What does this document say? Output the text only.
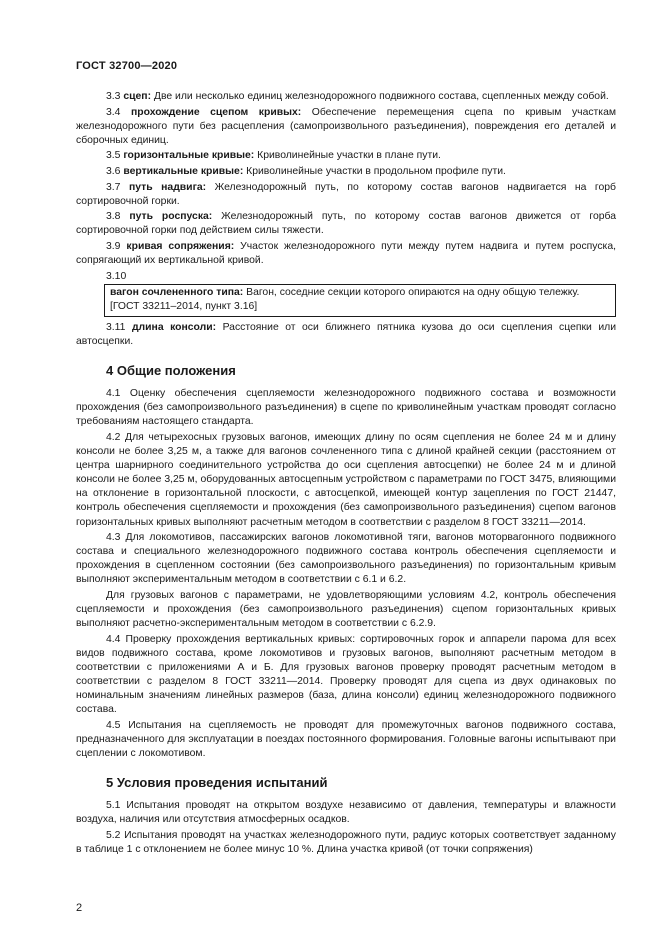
ГОСТ 32700—2020
3.3 сцеп: Две или несколько единиц железнодорожного подвижного состава, сцепленных между собой.
3.4 прохождение сцепом кривых: Обеспечение перемещения сцепа по кривым участкам железнодорожного пути без расцепления (самопроизвольного разъединения), повреждения его деталей и сборочных единиц.
3.5 горизонтальные кривые: Криволинейные участки в плане пути.
3.6 вертикальные кривые: Криволинейные участки в продольном профиле пути.
3.7 путь надвига: Железнодорожный путь, по которому состав вагонов надвигается на горб сортировочной горки.
3.8 путь роспуска: Железнодорожный путь, по которому состав вагонов движется от горба сортировочной горки под действием силы тяжести.
3.9 кривая сопряжения: Участок железнодорожного пути между путем надвига и путем роспуска, сопрягающий их вертикальной кривой.
3.10
вагон сочлененного типа: Вагон, соседние секции которого опираются на одну общую тележку.
[ГОСТ 33211–2014, пункт 3.16]
3.11 длина консоли: Расстояние от оси ближнего пятника кузова до оси сцепления сцепки или автосцепки.
4 Общие положения
4.1 Оценку обеспечения сцепляемости железнодорожного подвижного состава и возможности прохождения (без самопроизвольного разъединения) в сцепе по криволинейным участкам проводят согласно требованиям настоящего стандарта.
4.2 Для четырехосных грузовых вагонов, имеющих длину по осям сцепления не более 24 м и длину консоли не более 3,25 м, а также для вагонов сочлененного типа с длиной крайней секции (расстоянием от центра шарнирного соединительного устройства до оси сцепления автосцепки) не более 24 м и длиной консоли не более 3,25 м, оборудованных автосцепным устройством с параметрами по ГОСТ 3475, влияющими на отклонение в горизонтальной плоскости, с автосцепкой, имеющей контур зацепления по ГОСТ 21447, контроль обеспечения сцепляемости и прохождения (без самопроизвольного разъединения) сцепом вагонов горизонтальных кривых выполняют расчетным методом в соответствии с разделом 8 ГОСТ 33211—2014.
4.3 Для локомотивов, пассажирских вагонов локомотивной тяги, вагонов моторвагонного подвижного состава и специального железнодорожного подвижного состава контроль обеспечения сцепляемости и прохождения в сцепленном состоянии (без самопроизвольного разъединения) по горизонтальным кривым выполняют экспериментальным методом в соответствии с 6.1 и 6.2.
Для грузовых вагонов с параметрами, не удовлетворяющими условиям 4.2, контроль обеспечения сцепляемости и прохождения (без самопроизвольного разъединения) сцепом горизонтальных кривых выполняют расчетно-экспериментальным методом в соответствии с 6.2.9.
4.4 Проверку прохождения вертикальных кривых: сортировочных горок и аппарели парома для всех видов подвижного состава, кроме локомотивов и грузовых вагонов, выполняют расчетным методом в соответствии с приложениями А и Б. Для грузовых вагонов проверку проводят расчетным методом в соответствии с разделом 8 ГОСТ 33211—2014. Проверку проводят для сцепа из двух одинаковых по номинальным значениям линейных размеров (база, длина консоли) единиц железнодорожного подвижного состава.
4.5 Испытания на сцепляемость не проводят для промежуточных вагонов подвижного состава, предназначенного для эксплуатации в поездах постоянного формирования. Головные вагоны испытывают при сцеплении с локомотивом.
5 Условия проведения испытаний
5.1 Испытания проводят на открытом воздухе независимо от давления, температуры и влажности воздуха, наличия или отсутствия атмосферных осадков.
5.2 Испытания проводят на участках железнодорожного пути, радиус которых соответствует заданному в таблице 1 с отклонением не более минус 10 %. Длина участка кривой (от точки сопряжения)
2
